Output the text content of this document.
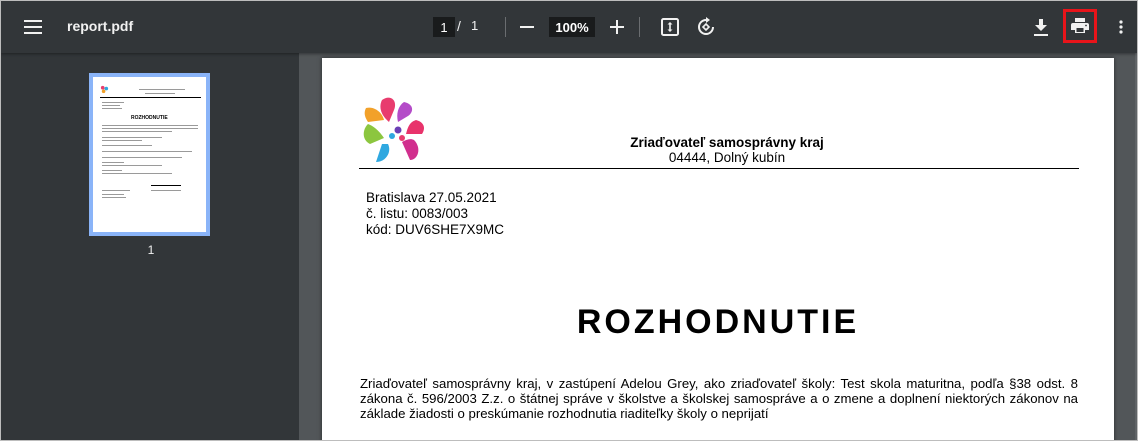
report.pdf	1 / 1	100%
ROZHODNUTIE
1
Zriaďovateľ samosprávny kraj
04444, Dolný kubín
Bratislava 27.05.2021
č. listu: 0083/003
kód: DUV6SHE7X9MC
ROZHODNUTIE
Zriaďovateľ samosprávny kraj, v zastúpení Adelou Grey, ako zriaďovateľ školy: Test skola maturitna, podľa §38 odst. 8 zákona č. 596/2003 Z.z. o štátnej správe v školstve a školskej samospráve a o zmene a doplnení niektorých zákonov na základe žiadosti o preskúmanie rozhodnutia riaditeľky školy o neprijatí
